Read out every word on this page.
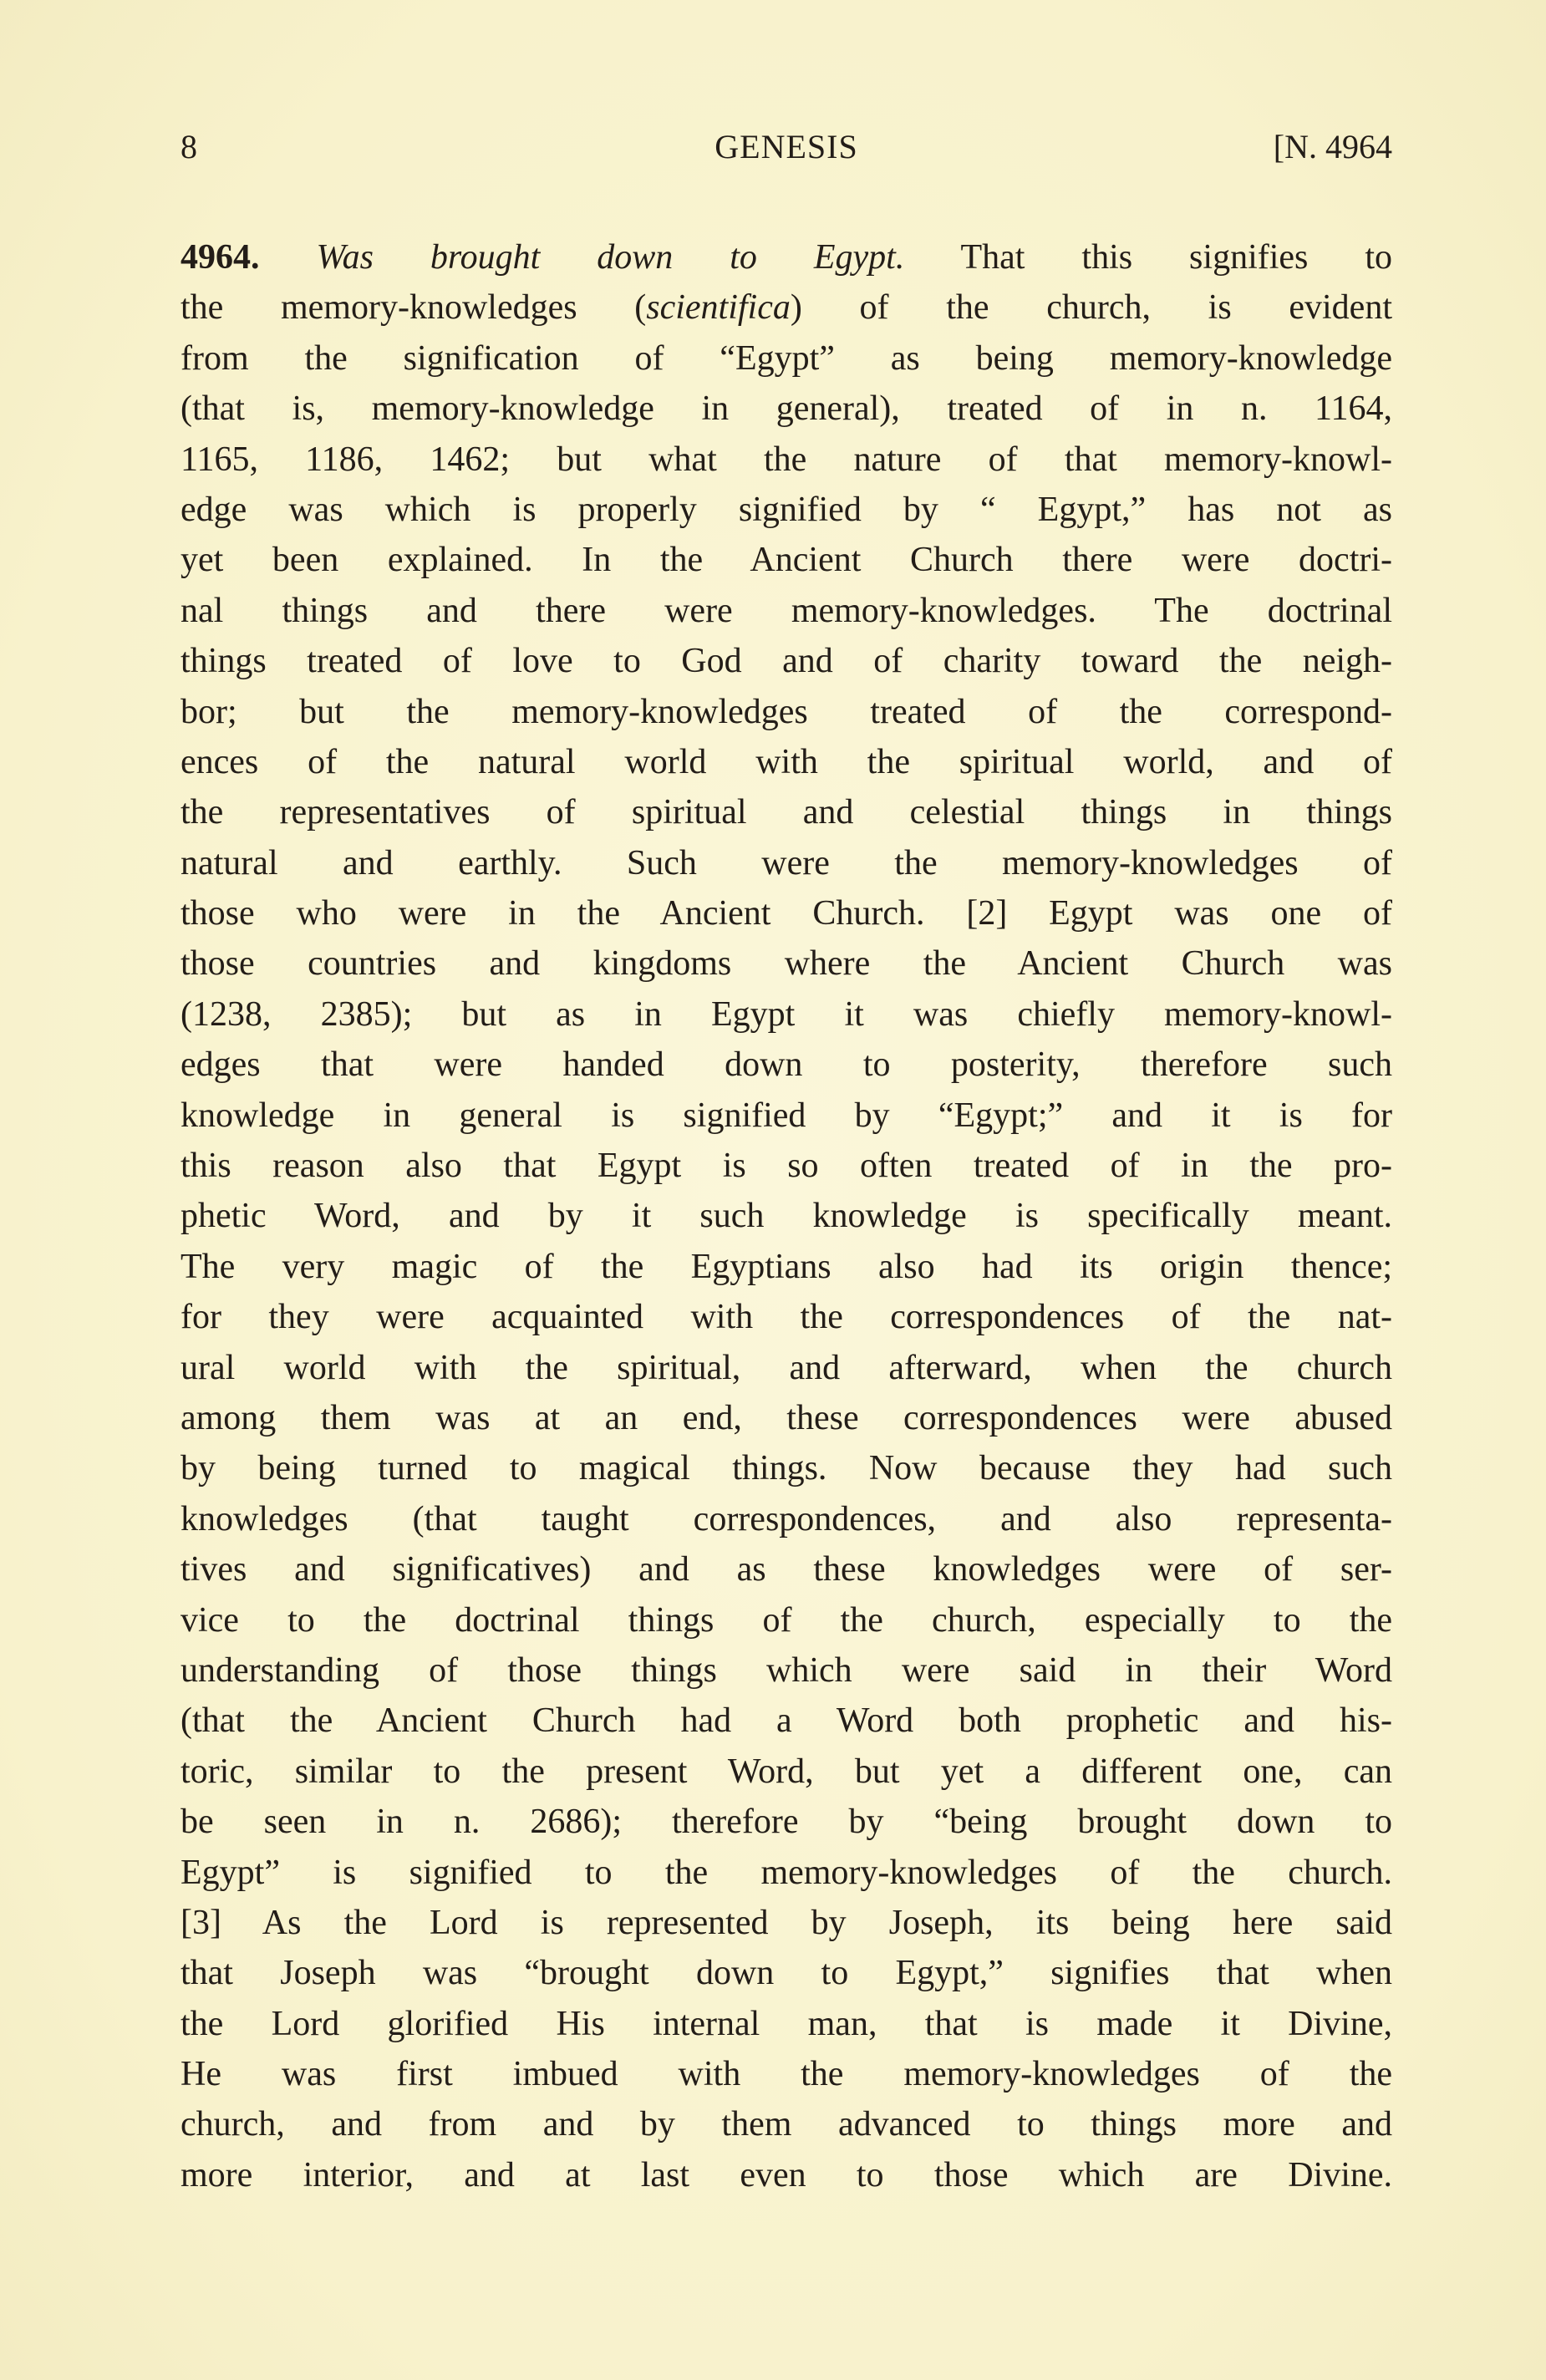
8	GENESIS	[N. 4964
4964. Was brought down to Egypt. That this signifies to
the memory-knowledges (scientifica) of the church, is evident
from the signification of “Egypt” as being memory-knowledge
(that is, memory-knowledge in general), treated of in n. 1164,
1165, 1186, 1462; but what the nature of that memory-knowl-
edge was which is properly signified by “ Egypt,” has not as
yet been explained. In the Ancient Church there were doctri-
nal things and there were memory-knowledges. The doctrinal
things treated of love to God and of charity toward the neigh-
bor; but the memory-knowledges treated of the correspond-
ences of the natural world with the spiritual world, and of
the representatives of spiritual and celestial things in things
natural and earthly. Such were the memory-knowledges of
those who were in the Ancient Church. [2] Egypt was one of
those countries and kingdoms where the Ancient Church was
(1238, 2385); but as in Egypt it was chiefly memory-knowl-
edges that were handed down to posterity, therefore such
knowledge in general is signified by “Egypt;” and it is for
this reason also that Egypt is so often treated of in the pro-
phetic Word, and by it such knowledge is specifically meant.
The very magic of the Egyptians also had its origin thence;
for they were acquainted with the correspondences of the nat-
ural world with the spiritual, and afterward, when the church
among them was at an end, these correspondences were abused
by being turned to magical things. Now because they had such
knowledges (that taught correspondences, and also representa-
tives and significatives) and as these knowledges were of ser-
vice to the doctrinal things of the church, especially to the
understanding of those things which were said in their Word
(that the Ancient Church had a Word both prophetic and his-
toric, similar to the present Word, but yet a different one, can
be seen in n. 2686); therefore by “being brought down to
Egypt” is signified to the memory-knowledges of the church.
[3] As the Lord is represented by Joseph, its being here said
that Joseph was “brought down to Egypt,” signifies that when
the Lord glorified His internal man, that is made it Divine,
He was first imbued with the memory-knowledges of the
church, and from and by them advanced to things more and
more interior, and at last even to those which are Divine.
